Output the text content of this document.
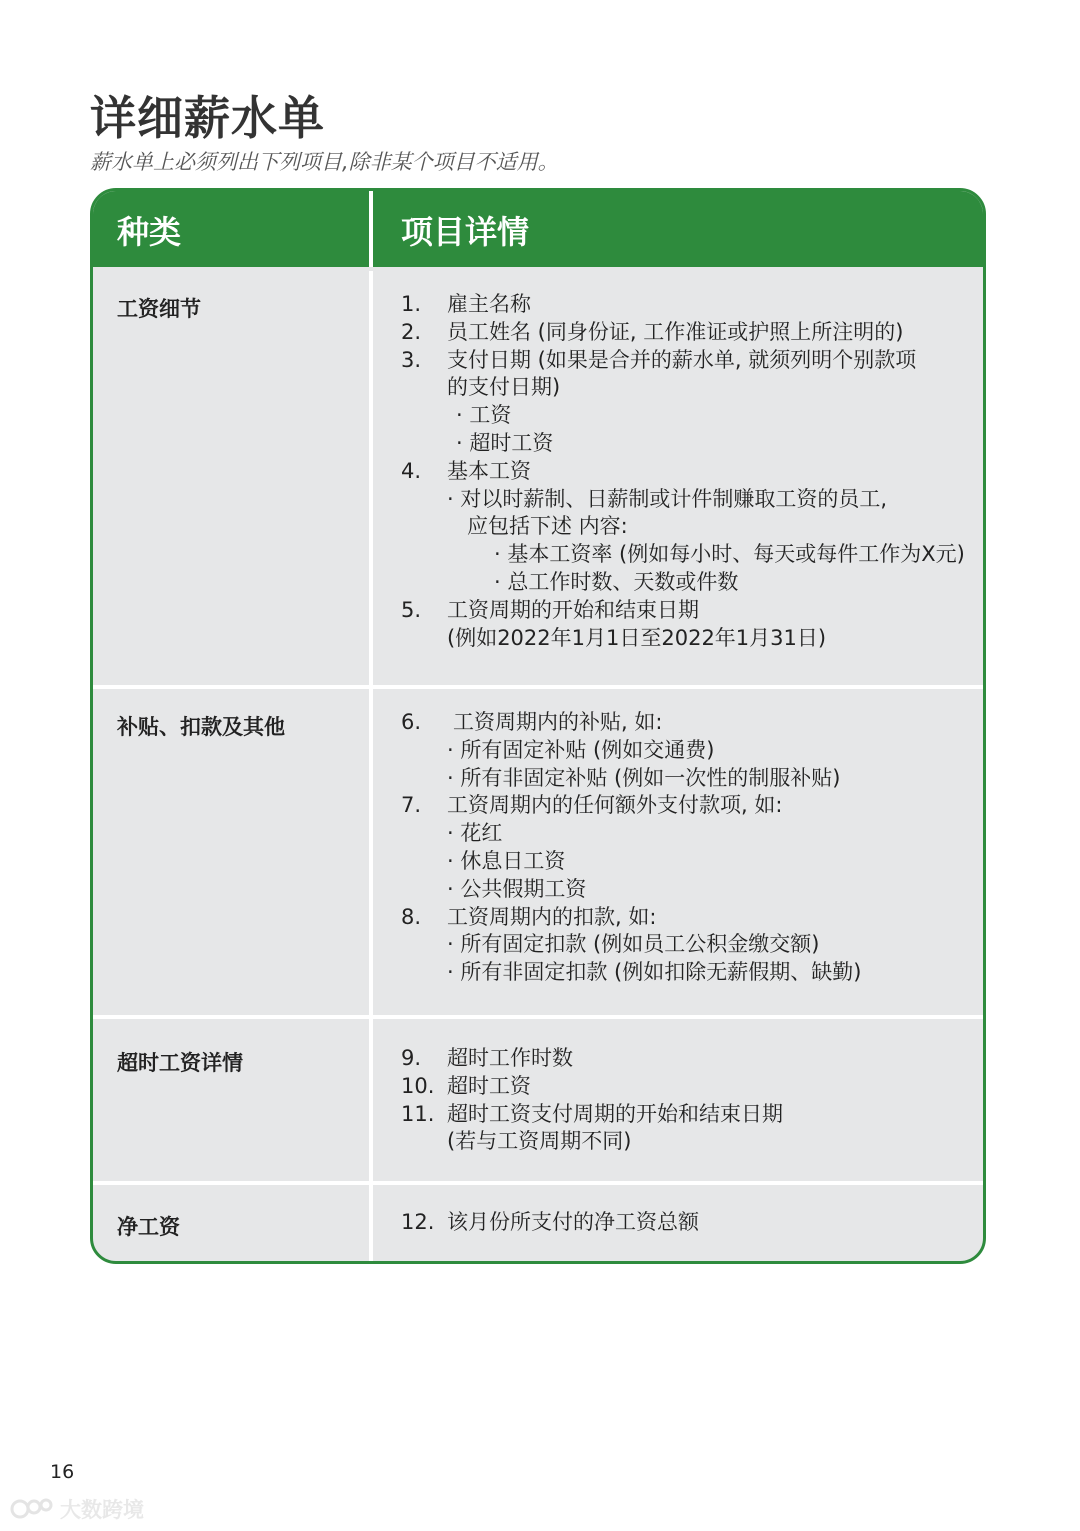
详细薪水单

薪水单上必须列出下列项目,除非某个项目不适用。

种类	项目详情
工资细节	1. 雇主名称
2. 员工姓名 (同身份证, 工作准证或护照上所注明的)
3. 支付日期 (如果是合并的薪水单, 就须列明个别款项
的支付日期)
· 工资
· 超时工资
4. 基本工资
· 对以时薪制、日薪制或计件制赚取工资的员工,
应包括下述 内容:
· 基本工资率 (例如每小时、每天或每件工作为X元)
· 总工作时数、天数或件数
5. 工资周期的开始和结束日期
(例如2022年1月1日至2022年1月31日)
补贴、扣款及其他	6. 工资周期内的补贴, 如:
· 所有固定补贴 (例如交通费)
· 所有非固定补贴 (例如一次性的制服补贴)
7. 工资周期内的任何额外支付款项, 如:
· 花红
· 休息日工资
· 公共假期工资
8. 工资周期内的扣款, 如:
· 所有固定扣款 (例如员工公积金缴交额)
· 所有非固定扣款 (例如扣除无薪假期、缺勤)
超时工资详情	9. 超时工作时数
10. 超时工资
11. 超时工资支付周期的开始和结束日期
(若与工资周期不同)
净工资	12. 该月份所支付的净工资总额
16
大数跨境
